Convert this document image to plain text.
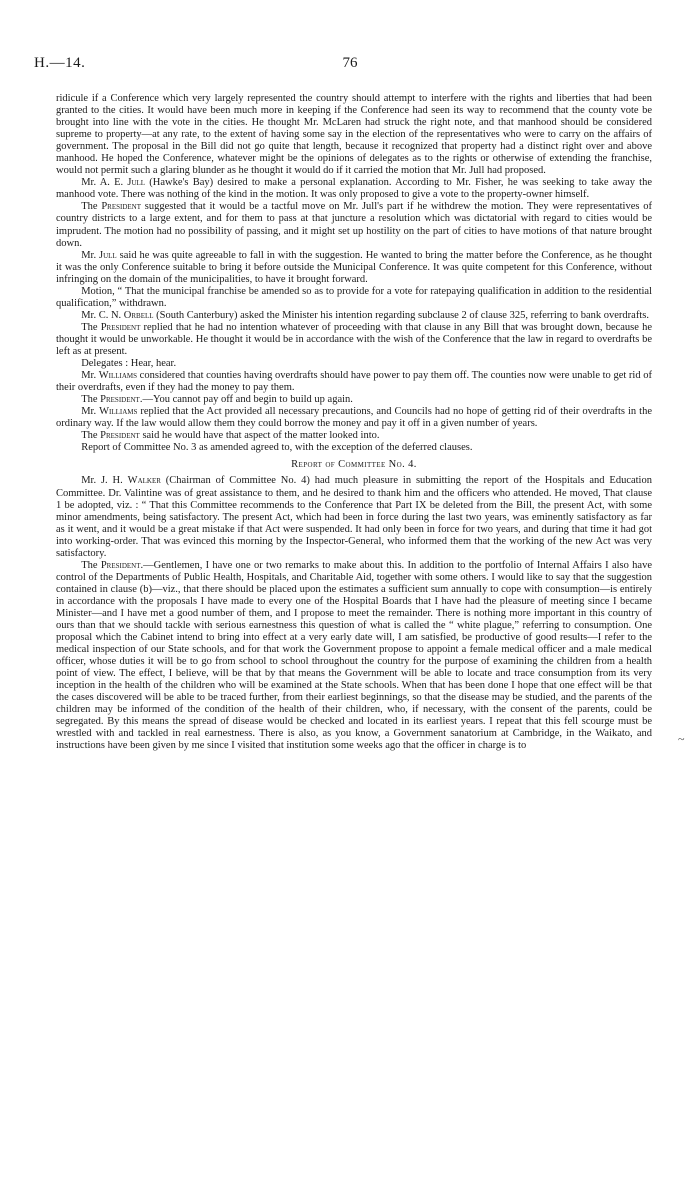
H.—14.	76

ridicule if a Conference which very largely represented the country should attempt to interfere with the rights and liberties that had been granted to the cities. It would have been much more in keeping if the Conference had seen its way to recommend that the county vote be brought into line with the vote in the cities. He thought Mr. McLaren had struck the right note, and that manhood should be considered supreme to property—at any rate, to the extent of having some say in the election of the representatives who were to carry on the affairs of government. The proposal in the Bill did not go quite that length, because it recognized that property had a distinct right over and above manhood. He hoped the Conference, whatever might be the opinions of delegates as to the rights or otherwise of extending the franchise, would not permit such a glaring blunder as he thought it would do if it carried the motion that Mr. Jull had proposed.

Mr. A. E. Jull (Hawke's Bay) desired to make a personal explanation. According to Mr. Fisher, he was seeking to take away the manhood vote. There was nothing of the kind in the motion. It was only proposed to give a vote to the property-owner himself.

The President suggested that it would be a tactful move on Mr. Jull's part if he withdrew the motion. They were representatives of country districts to a large extent, and for them to pass at that juncture a resolution which was dictatorial with regard to cities would be imprudent. The motion had no possibility of passing, and it might set up hostility on the part of cities to have motions of that nature brought down.

Mr. Jull said he was quite agreeable to fall in with the suggestion. He wanted to bring the matter before the Conference, as he thought it was the only Conference suitable to bring it before outside the Municipal Conference. It was quite competent for this Conference, without infringing on the domain of the municipalities, to have it brought forward.

Motion, “ That the municipal franchise be amended so as to provide for a vote for ratepaying qualification in addition to the residential qualification,” withdrawn.

Mr. C. N. Orbell (South Canterbury) asked the Minister his intention regarding subclause 2 of clause 325, referring to bank overdrafts.

The President replied that he had no intention whatever of proceeding with that clause in any Bill that was brought down, because he thought it would be unworkable. He thought it would be in accordance with the wish of the Conference that the law in regard to overdrafts be left as at present.

Delegates : Hear, hear.

Mr. Williams considered that counties having overdrafts should have power to pay them off. The counties now were unable to get rid of their overdrafts, even if they had the money to pay them.

The President.—You cannot pay off and begin to build up again.

Mr. Williams replied that the Act provided all necessary precautions, and Councils had no hope of getting rid of their overdrafts in the ordinary way. If the law would allow them they could borrow the money and pay it off in a given number of years.

The President said he would have that aspect of the matter looked into.

Report of Committee No. 3 as amended agreed to, with the exception of the deferred clauses.

Report of Committee No. 4.

Mr. J. H. Walker (Chairman of Committee No. 4) had much pleasure in submitting the report of the Hospitals and Education Committee. Dr. Valintine was of great assistance to them, and he desired to thank him and the officers who attended. He moved, That clause 1 be adopted, viz. : “ That this Committee recommends to the Conference that Part IX be deleted from the Bill, the present Act, with some minor amendments, being satisfactory. The present Act, which had been in force during the last two years, was eminently satisfactory as far as it went, and it would be a great mistake if that Act were suspended. It had only been in force for two years, and during that time it had got into working-order. That was evinced this morning by the Inspector-General, who informed them that the working of the new Act was very satisfactory.

The President.—Gentlemen, I have one or two remarks to make about this. In addition to the portfolio of Internal Affairs I also have control of the Departments of Public Health, Hospitals, and Charitable Aid, together with some others. I would like to say that the suggestion contained in clause (b)—viz., that there should be placed upon the estimates a sufficient sum annually to cope with consumption—is entirely in accordance with the proposals I have made to every one of the Hospital Boards that I have had the pleasure of meeting since I became Minister—and I have met a good number of them, and I propose to meet the remainder. There is nothing more important in this country of ours than that we should tackle with serious earnestness this question of what is called the “ white plague,” referring to consumption. One proposal which the Cabinet intend to bring into effect at a very early date will, I am satisfied, be productive of good results—I refer to the medical inspection of our State schools, and for that work the Government propose to appoint a female medical officer and a male medical officer, whose duties it will be to go from school to school throughout the country for the purpose of examining the children from a health point of view. The effect, I believe, will be that by that means the Government will be able to locate and trace consumption from its very inception in the health of the children who will be examined at the State schools. When that has been done I hope that one effect will be that the cases discovered will be able to be traced further, from their earliest beginnings, so that the disease may be studied, and the parents of the children may be informed of the condition of the health of their children, who, if necessary, with the consent of the parents, could be segregated. By this means the spread of disease would be checked and located in its earliest years. I repeat that this fell scourge must be wrestled with and tackled in real earnestness. There is also, as you know, a Government sanatorium at Cambridge, in the Waikato, and instructions have been given by me since I visited that institution some weeks ago that the officer in charge is to	~
